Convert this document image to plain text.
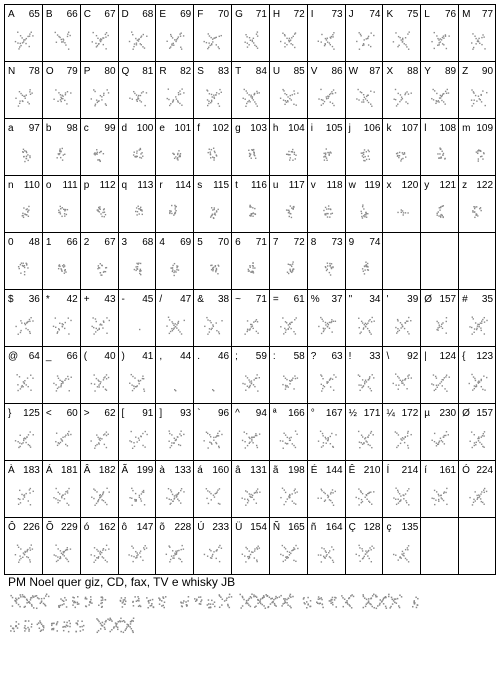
A 65 B 66 C 67 D 68 E 69 F 70 G 71 H 72 I 73 J 74 K 75 L 76 M 77
N 78 O 79 P 80 Q 81 R 82 S 83 T 84 U 85 V 86 W 87 X 88 Y 89 Z 90
a 97 b 98 c 99 d 100 e 101 f 102 g 103 h 104 i 105 j 106 k 107 l 108 m 109
n 110 o 111 p 112 q 113 r 114 s 115 t 116 u 117 v 118 w 119 x 120 y 121 z 122
0 48 1 66 2 67 3 68 4 69 5 70 6 71 7 72 8 73 9 74
$ 36 * 42 + 43 - 45 / 47 & 38 ~ 71 = 61 % 37 " 34 ' 39 Ø 157 # 35
@ 64 _ 66 ( 40 ) 41 , 44 . 46 ; 59 : 58 ? 63 ! 33 \ 92 | 124 { 123
} 125 < 60 > 62 [ 91 ] 93 ` 96 ^ 94 ª 166 ° 167 ½ 171 ¼ 172 µ 230 Ø 157
À 183 Á 181 Â 182 Ã 199 à 133 á 160 â 131 ã 198 É 144 Ê 210 Í 214 í 161 Ó 224
Ô 226 Õ 229 ó 162 ô 147 õ 228 Ú 233 Ü 154 Ñ 165 ñ 164 Ç 128 ç 135
PM Noel quer giz, CD, fax, TV e whisky JB
